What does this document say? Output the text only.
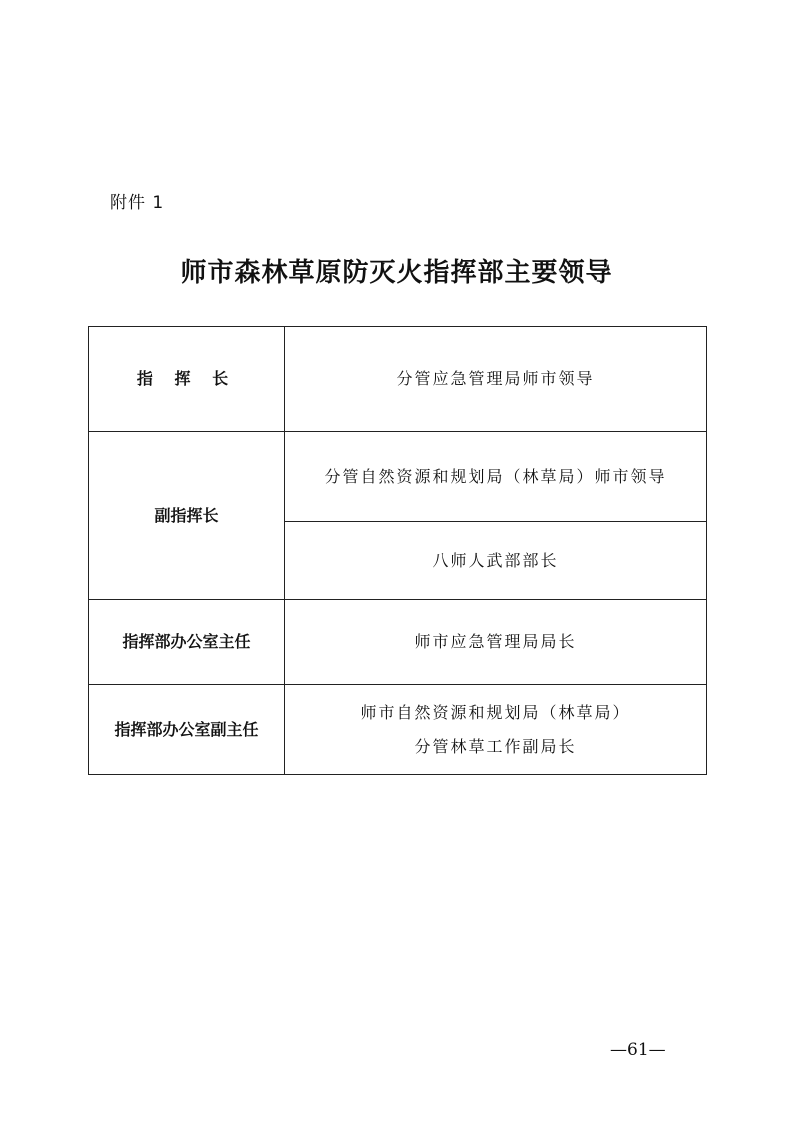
附件 1
师市森林草原防灭火指挥部主要领导
指 挥 长	分管应急管理局师市领导
副指挥长	分管自然资源和规划局（林草局）师市领导
	八师人武部部长
指挥部办公室主任	师市应急管理局局长
指挥部办公室副主任	师市自然资源和规划局（林草局）
分管林草工作副局长
—61—
